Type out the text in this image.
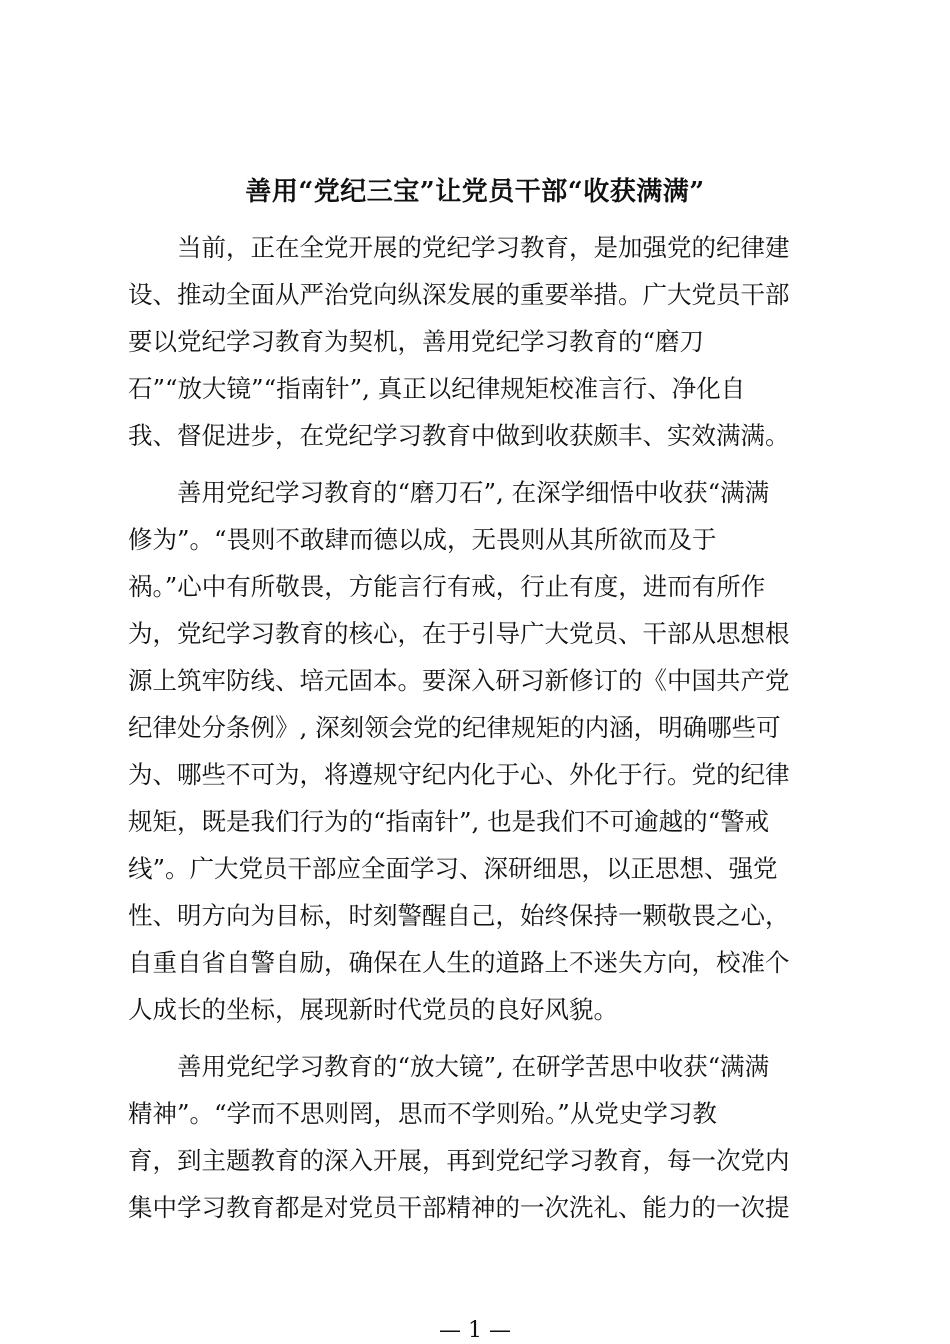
善用“党纪三宝”让党员干部“收获满满”
当前，正在全党开展的党纪学习教育，是加强党的纪律建
设、推动全面从严治党向纵深发展的重要举措。广大党员干部
要以党纪学习教育为契机，善用党纪学习教育的“磨刀
石”“放大镜”“指南针”, 真正以纪律规矩校准言行、净化自
我、督促进步，在党纪学习教育中做到收获颇丰、实效满满。
善用党纪学习教育的“磨刀石”, 在深学细悟中收获“满满
修为”。“畏则不敢肆而德以成，无畏则从其所欲而及于
祸。”心中有所敬畏，方能言行有戒，行止有度，进而有所作
为，党纪学习教育的核心，在于引导广大党员、干部从思想根
源上筑牢防线、培元固本。要深入研习新修订的《中国共产党
纪律处分条例》, 深刻领会党的纪律规矩的内涵，明确哪些可
为、哪些不可为，将遵规守纪内化于心、外化于行。党的纪律
规矩，既是我们行为的“指南针”, 也是我们不可逾越的“警戒
线”。广大党员干部应全面学习、深研细思，以正思想、强党
性、明方向为目标，时刻警醒自己，始终保持一颗敬畏之心，
自重自省自警自励，确保在人生的道路上不迷失方向，校准个
人成长的坐标，展现新时代党员的良好风貌。
善用党纪学习教育的“放大镜”, 在研学苦思中收获“满满
精神”。“学而不思则罔，思而不学则殆。”从党史学习教
育，到主题教育的深入开展，再到党纪学习教育，每一次党内
集中学习教育都是对党员干部精神的一次洗礼、能力的一次提
— 1 —
